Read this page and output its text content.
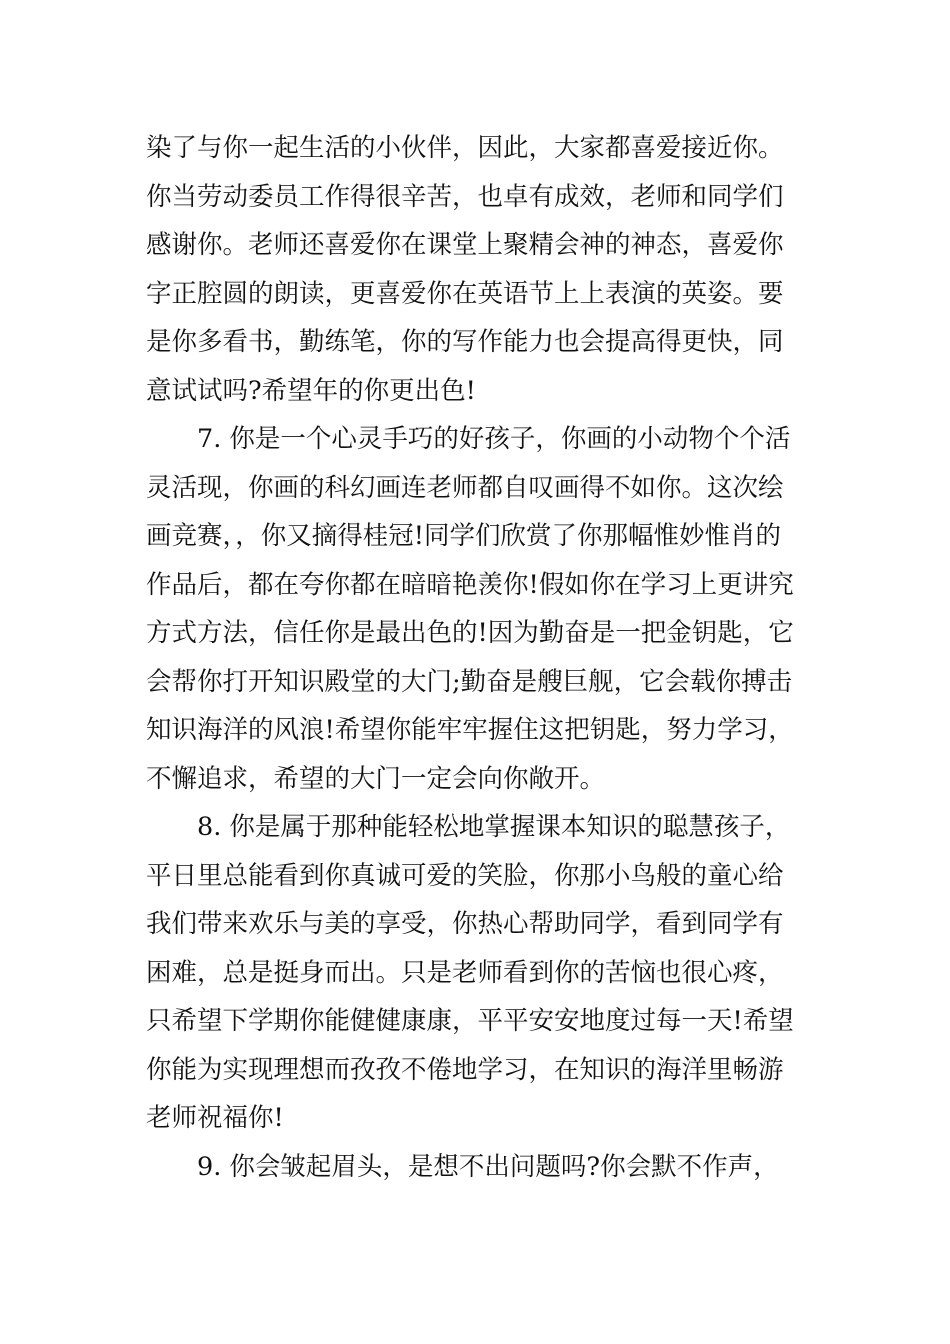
染了与你一起生活的小伙伴，因此，大家都喜爱接近你。
你当劳动委员工作得很辛苦，也卓有成效，老师和同学们
感谢你。老师还喜爱你在课堂上聚精会神的神态，喜爱你
字正腔圆的朗读，更喜爱你在英语节上上表演的英姿。要
是你多看书，勤练笔，你的写作能力也会提高得更快，同
意试试吗?希望年的你更出色!
7. 你是一个心灵手巧的好孩子，你画的小动物个个活
灵活现，你画的科幻画连老师都自叹画得不如你。这次绘
画竞赛，，你又摘得桂冠!同学们欣赏了你那幅惟妙惟肖的
作品后，都在夸你都在暗暗艳羡你!假如你在学习上更讲究
方式方法，信任你是最出色的!因为勤奋是一把金钥匙，它
会帮你打开知识殿堂的大门;勤奋是艘巨舰，它会载你搏击
知识海洋的风浪!希望你能牢牢握住这把钥匙，努力学习，
不懈追求，希望的大门一定会向你敞开。
8. 你是属于那种能轻松地掌握课本知识的聪慧孩子，
平日里总能看到你真诚可爱的笑脸，你那小鸟般的童心给
我们带来欢乐与美的享受，你热心帮助同学，看到同学有
困难，总是挺身而出。只是老师看到你的苦恼也很心疼，
只希望下学期你能健健康康，平平安安地度过每一天!希望
你能为实现理想而孜孜不倦地学习，在知识的海洋里畅游
老师祝福你!
9. 你会皱起眉头，是想不出问题吗?你会默不作声，
